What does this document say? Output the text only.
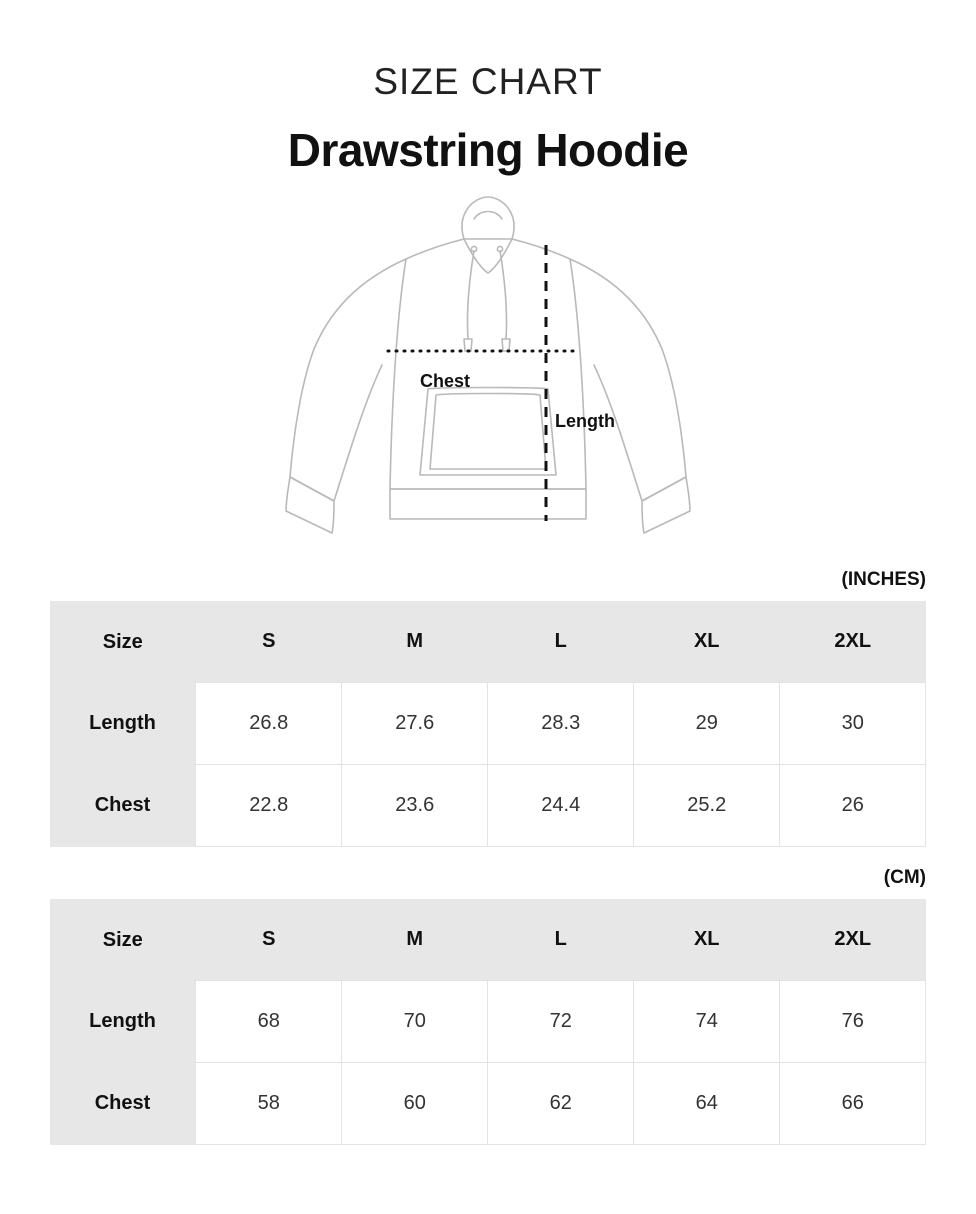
SIZE CHART
Drawstring Hoodie
Chest
Length
(INCHES)
Size	S	M	L	XL	2XL
Length	26.8	27.6	28.3	29	30
Chest	22.8	23.6	24.4	25.2	26
(CM)
Size	S	M	L	XL	2XL
Length	68	70	72	74	76
Chest	58	60	62	64	66
